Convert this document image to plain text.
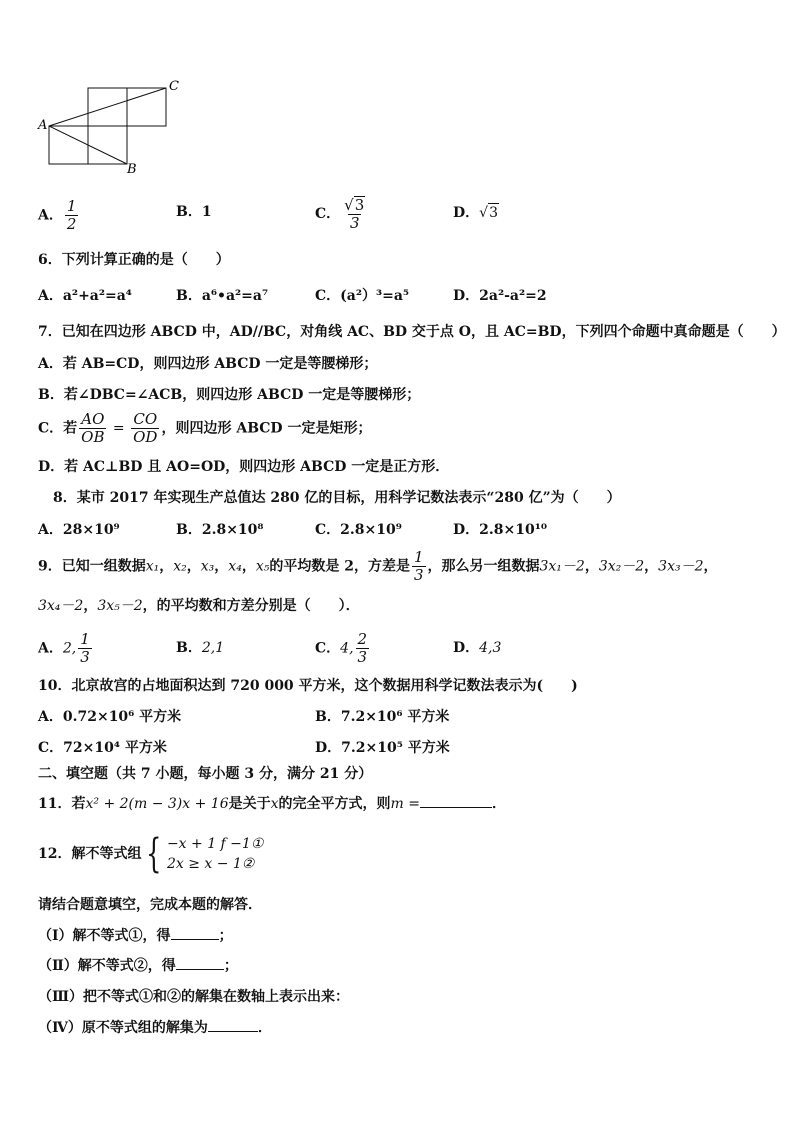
A
C
B
A． $\frac{1}{2}$	B．1	C． $\frac{√3}{3}$	D．√3
6．下列计算正确的是（　　）
A．a²+a²=a⁴	B．a⁶•a²=a⁷	C．(a²）³=a⁵	D．2a²-a²=2
7．已知在四边形 ABCD 中，AD//BC，对角线 AC、BD 交于点 O，且 AC=BD，下列四个命题中真命题是（　　）
A．若 AB=CD，则四边形 ABCD 一定是等腰梯形；
B．若∠DBC=∠ACB，则四边形 ABCD 一定是等腰梯形；
C．若 $\frac{AO}{OB} = \frac{CO}{OD}$ ，则四边形 ABCD 一定是矩形；
D．若 AC⊥BD 且 AO=OD，则四边形 ABCD 一定是正方形．
8．某市 2017 年实现生产总值达 280 亿的目标，用科学记数法表示“280 亿”为（　　）
A．28×10⁹	B．2.8×10⁸	C．2.8×10⁹	D．2.8×10¹⁰
9．已知一组数据x₁，x₂，x₃，x₄，x₅的平均数是 2，方差是 $\frac{1}{3}$ ，那么另一组数据3x₁－2，3x₂－2，3x₃－2，
3x₄－2，3x₅－2，的平均数和方差分别是（　　）．
A．2, $\frac{1}{3}$	B．2,1	C．4, $\frac{2}{3}$	D．4,3
10．北京故宫的占地面积达到 720 000 平方米，这个数据用科学记数法表示为(　　)
A．0.72×10⁶ 平方米	B．7.2×10⁶ 平方米
C．72×10⁴ 平方米	D．7.2×10⁵ 平方米
二、填空题（共 7 小题，每小题 3 分，满分 21 分）
11．若x² + 2(m − 3)x + 16是关于x的完全平方式，则m =	．
12．解不等式组 { −x + 1 f −1①
2x ≥ x − 1②
请结合题意填空，完成本题的解答．
（Ⅰ）解不等式①，得	；
（Ⅱ）解不等式②，得	；
（Ⅲ）把不等式①和②的解集在数轴上表示出来：
（Ⅳ）原不等式组的解集为	．
